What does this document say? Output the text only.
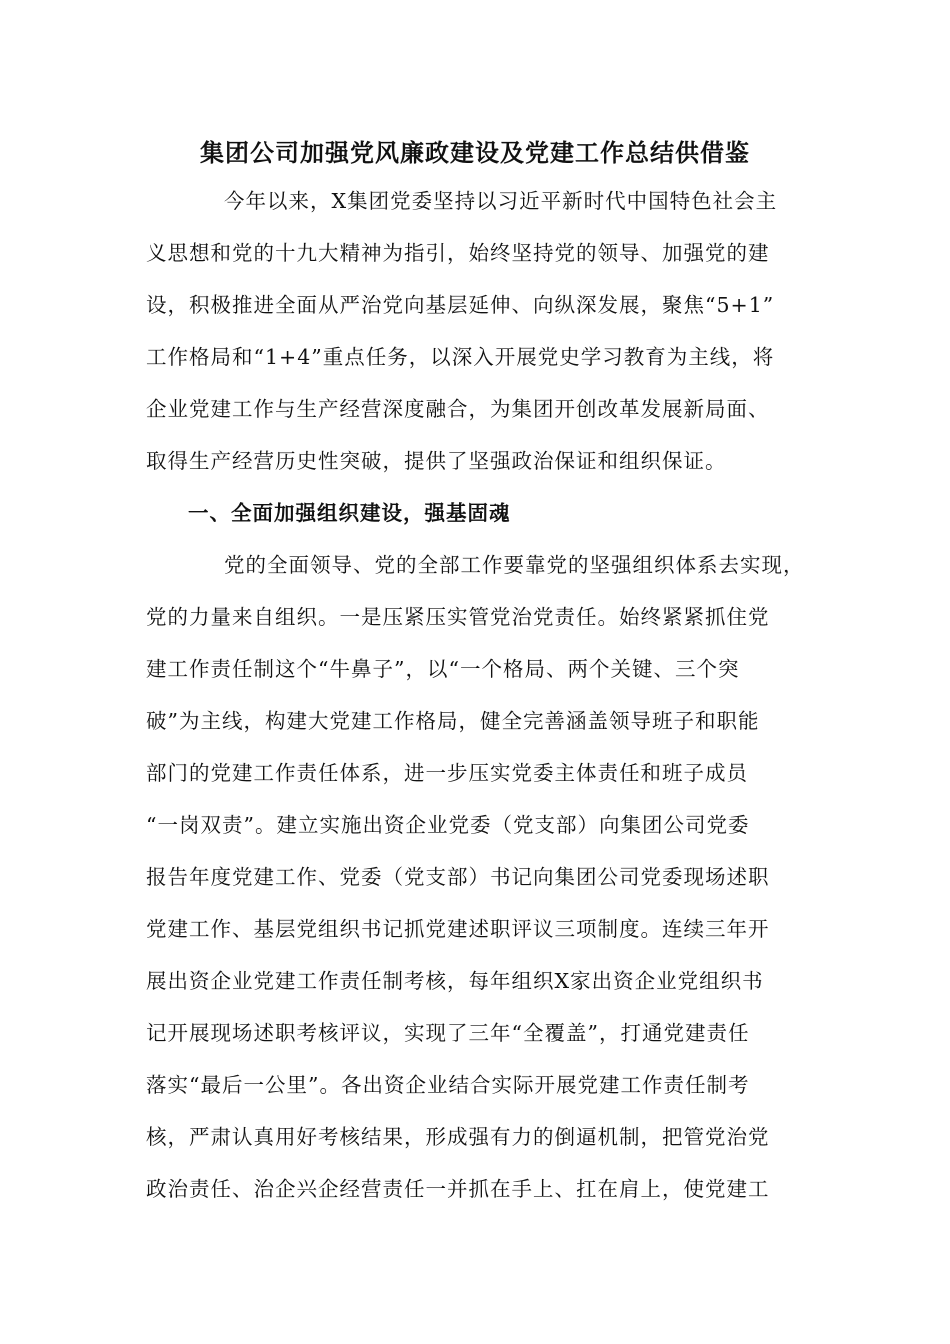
集团公司加强党风廉政建设及党建工作总结供借鉴
今年以来，X集团党委坚持以习近平新时代中国特色社会主
义思想和党的十九大精神为指引，始终坚持党的领导、加强党的建
设，积极推进全面从严治党向基层延伸、向纵深发展，聚焦“5+1”
工作格局和“1+4”重点任务，以深入开展党史学习教育为主线，将
企业党建工作与生产经营深度融合，为集团开创改革发展新局面、
取得生产经营历史性突破，提供了坚强政治保证和组织保证。
一、全面加强组织建设，强基固魂
党的全面领导、党的全部工作要靠党的坚强组织体系去实现，
党的力量来自组织。一是压紧压实管党治党责任。始终紧紧抓住党
建工作责任制这个“牛鼻子”，以“一个格局、两个关键、三个突
破”为主线，构建大党建工作格局，健全完善涵盖领导班子和职能
部门的党建工作责任体系，进一步压实党委主体责任和班子成员
“一岗双责”。建立实施出资企业党委（党支部）向集团公司党委
报告年度党建工作、党委（党支部）书记向集团公司党委现场述职
党建工作、基层党组织书记抓党建述职评议三项制度。连续三年开
展出资企业党建工作责任制考核，每年组织X家出资企业党组织书
记开展现场述职考核评议，实现了三年“全覆盖”，打通党建责任
落实“最后一公里”。各出资企业结合实际开展党建工作责任制考
核，严肃认真用好考核结果，形成强有力的倒逼机制，把管党治党
政治责任、治企兴企经营责任一并抓在手上、扛在肩上，使党建工
